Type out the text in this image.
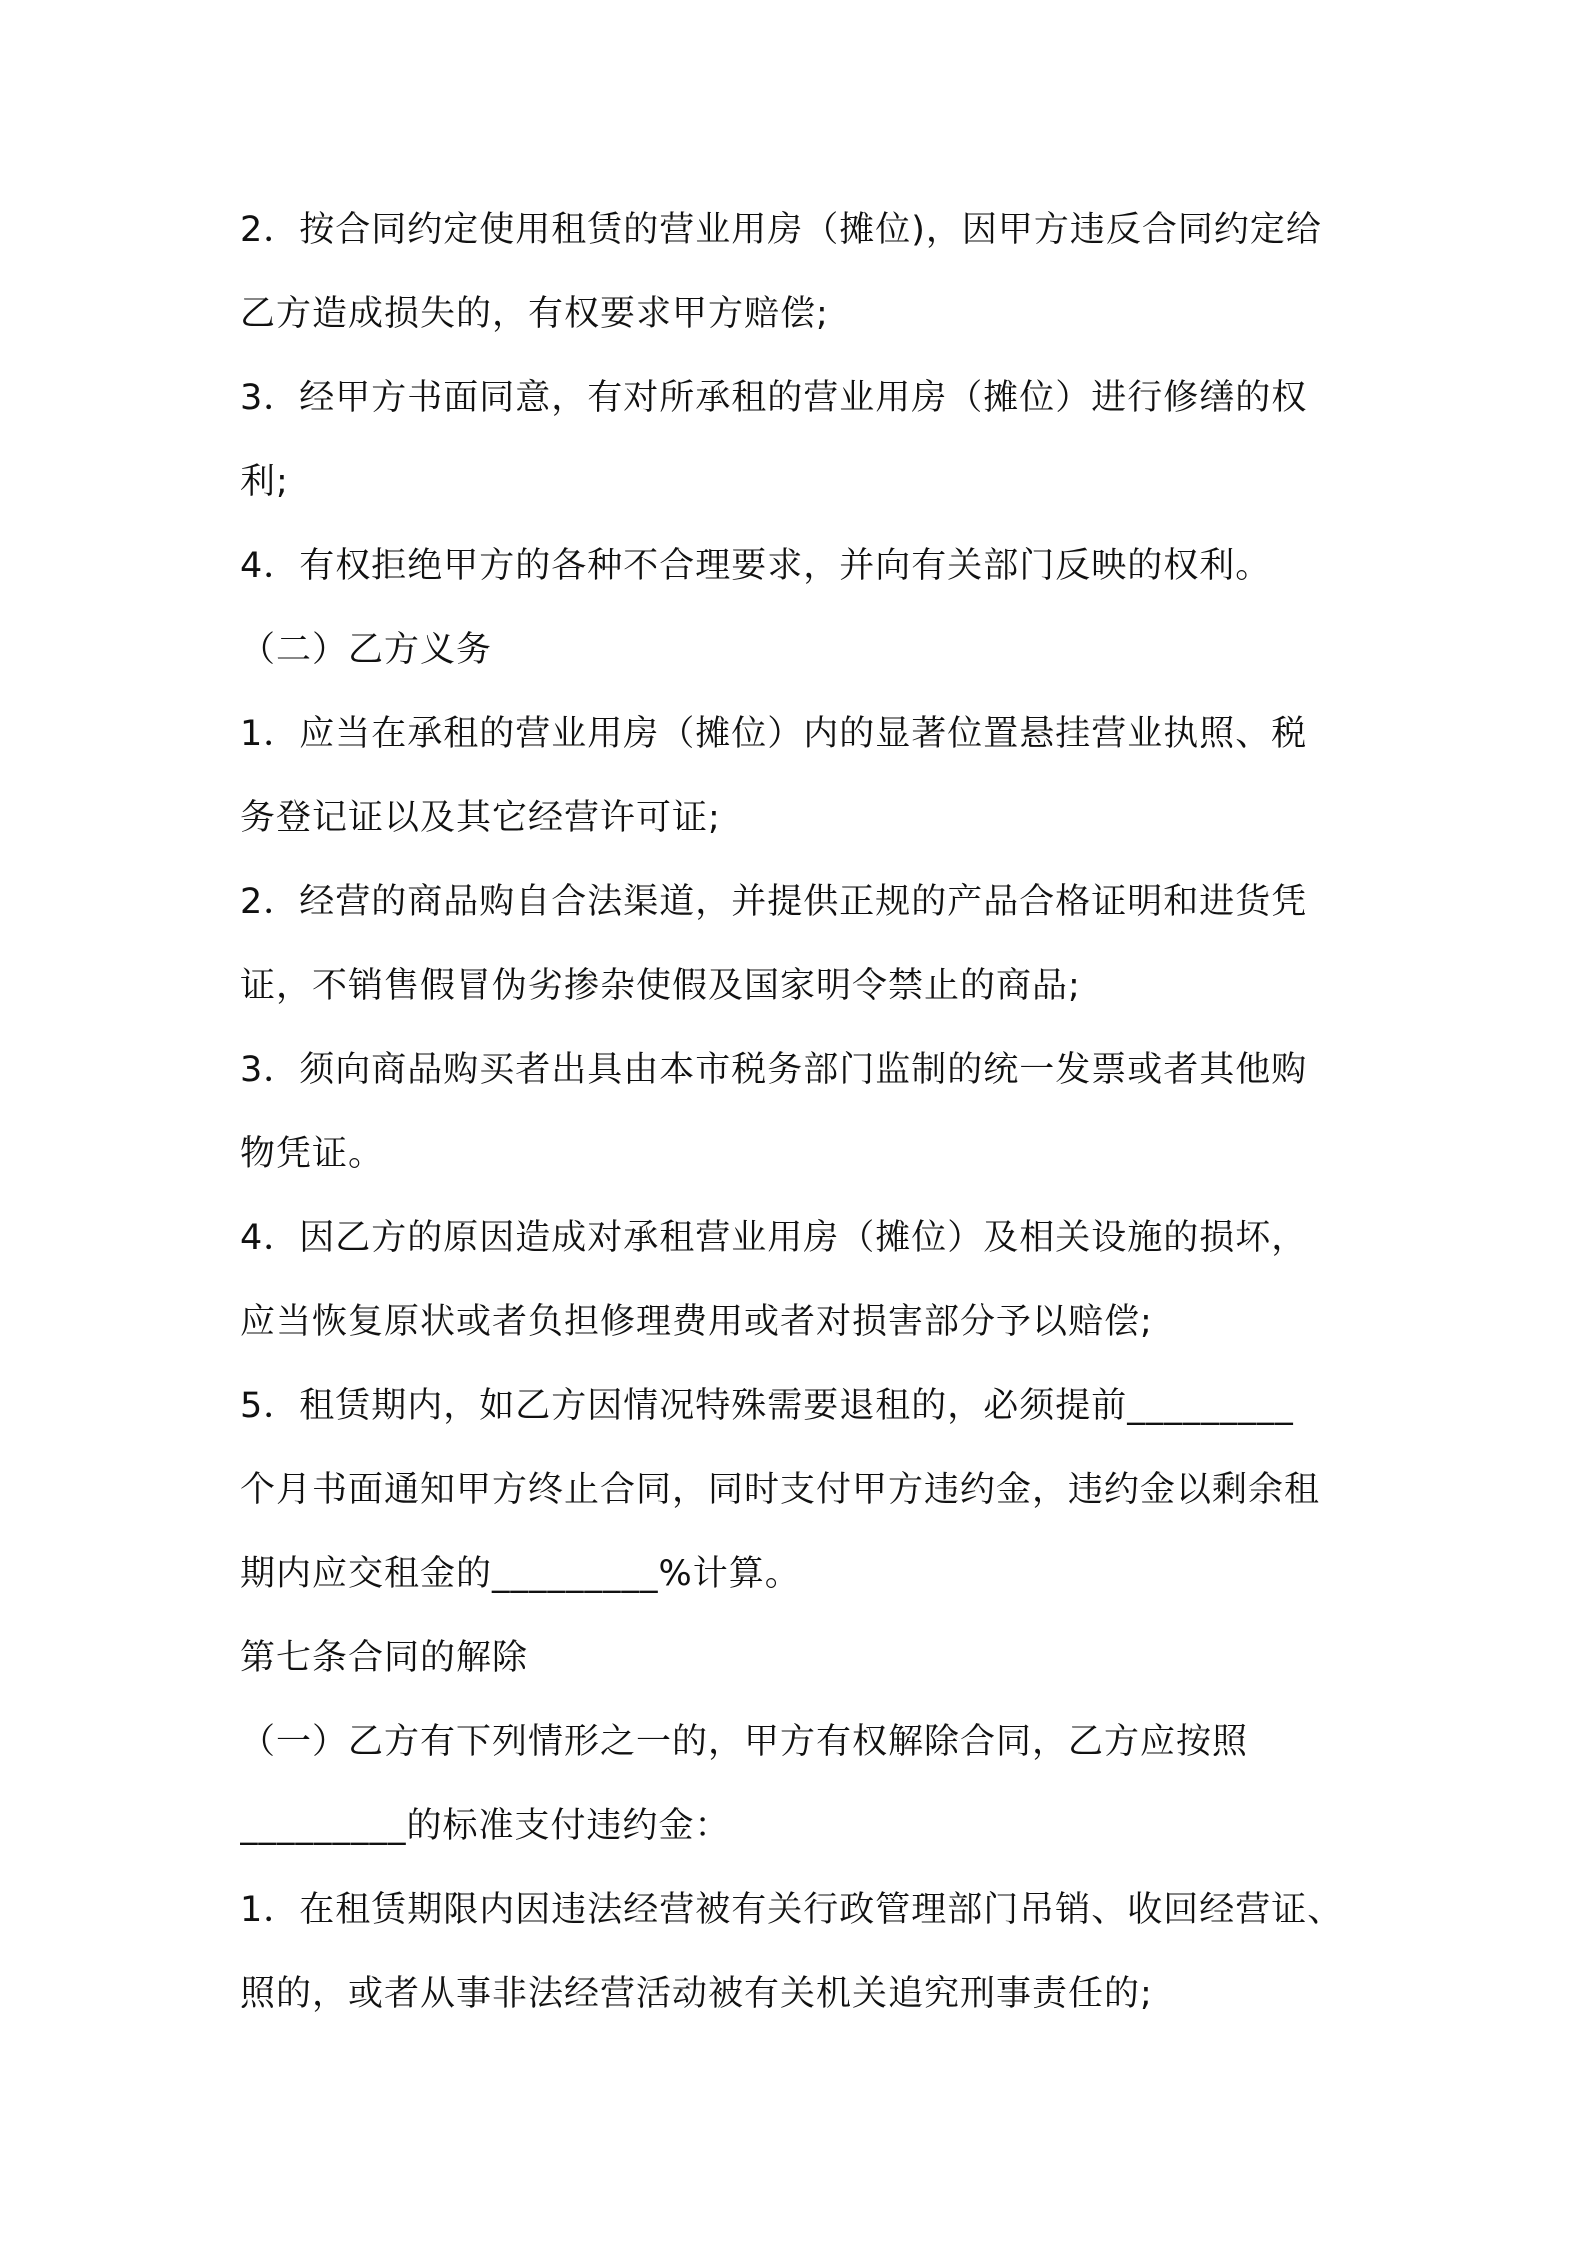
2．按合同约定使用租赁的营业用房（摊位)，因甲方违反合同约定给
乙方造成损失的，有权要求甲方赔偿;
3．经甲方书面同意，有对所承租的营业用房（摊位）进行修缮的权
利;
4．有权拒绝甲方的各种不合理要求，并向有关部门反映的权利。
（二）乙方义务
1．应当在承租的营业用房（摊位）内的显著位置悬挂营业执照、税
务登记证以及其它经营许可证;
2．经营的商品购自合法渠道，并提供正规的产品合格证明和进货凭
证，不销售假冒伪劣掺杂使假及国家明令禁止的商品;
3．须向商品购买者出具由本市税务部门监制的统一发票或者其他购
物凭证。
4．因乙方的原因造成对承租营业用房（摊位）及相关设施的损坏，
应当恢复原状或者负担修理费用或者对损害部分予以赔偿;
5．租赁期内，如乙方因情况特殊需要退租的，必须提前_________
个月书面通知甲方终止合同，同时支付甲方违约金，违约金以剩余租
期内应交租金的_________%计算。
第七条合同的解除
（一）乙方有下列情形之一的，甲方有权解除合同，乙方应按照
_________的标准支付违约金：
1．在租赁期限内因违法经营被有关行政管理部门吊销、收回经营证、
照的，或者从事非法经营活动被有关机关追究刑事责任的;
